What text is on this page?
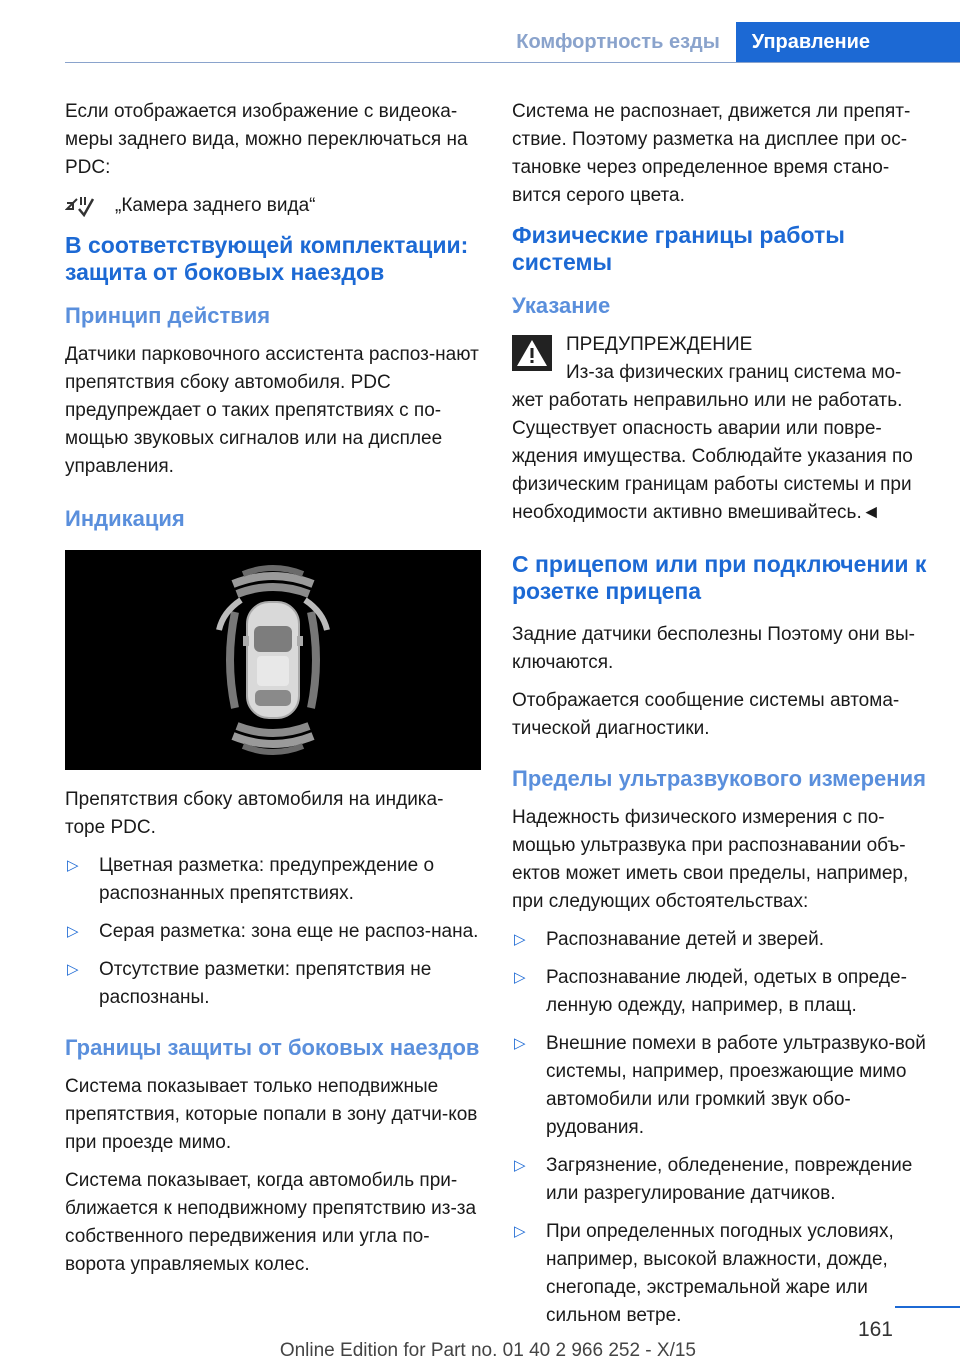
Комфортность езды	Управление

Если отображается изображение с видеока-меры заднего вида, можно переключаться на PDC:

„Камера заднего вида“
В соответствующей комплектации: защита от боковых наездов
Принцип действия

Датчики парковочного ассистента распоз-нают препятствия сбоку автомобиля. PDC предупреждает о таких препятствиях с по-мощью звуковых сигналов или на дисплее управления.

Индикация

Препятствия сбоку автомобиля на индика-торе PDC.

▷ Цветная разметка: предупреждение о распознанных препятствиях.
▷ Серая разметка: зона еще не распоз-нана.
▷ Отсутствие разметки: препятствия не распознаны.
Границы защиты от боковых наездов

Система показывает только неподвижные препятствия, которые попали в зону датчи-ков при проезде мимо.

Система показывает, когда автомобиль при-ближается к неподвижному препятствию из-за собственного передвижения или угла по-ворота управляемых колес.

Система не распознает, движется ли препят-ствие. Поэтому разметка на дисплее при ос-тановке через определенное время стано-вится серого цвета.

Физические границы работы системы
Указание
ПРЕДУПРЕЖДЕНИЕ

Из-за физических границ система мо-жет работать неправильно или не работать. Существует опасность аварии или повре-ждения имущества. Соблюдайте указания по физическим границам работы системы и при необходимости активно вмешивайтесь.◄

С прицепом или при подключении к розетке прицепа

Задние датчики бесполезны Поэтому они вы-ключаются.

Отображается сообщение системы автома-тической диагностики.

Пределы ультразвукового измерения

Надежность физического измерения с по-мощью ультразвука при распознавании объ-ектов может иметь свои пределы, например, при следующих обстоятельствах:

▷ Распознавание детей и зверей.
▷ Распознавание людей, одетых в опреде-ленную одежду, например, в плащ.
▷ Внешние помехи в работе ультразвуко-вой системы, например, проезжающие мимо автомобили или громкий звук обо-рудования.
▷ Загрязнение, обледенение, повреждение или разрегулирование датчиков.
▷ При определенных погодных условиях, например, высокой влажности, дожде, снегопаде, экстремальной жаре или сильном ветре.
161
Online Edition for Part no. 01 40 2 966 252 - X/15
